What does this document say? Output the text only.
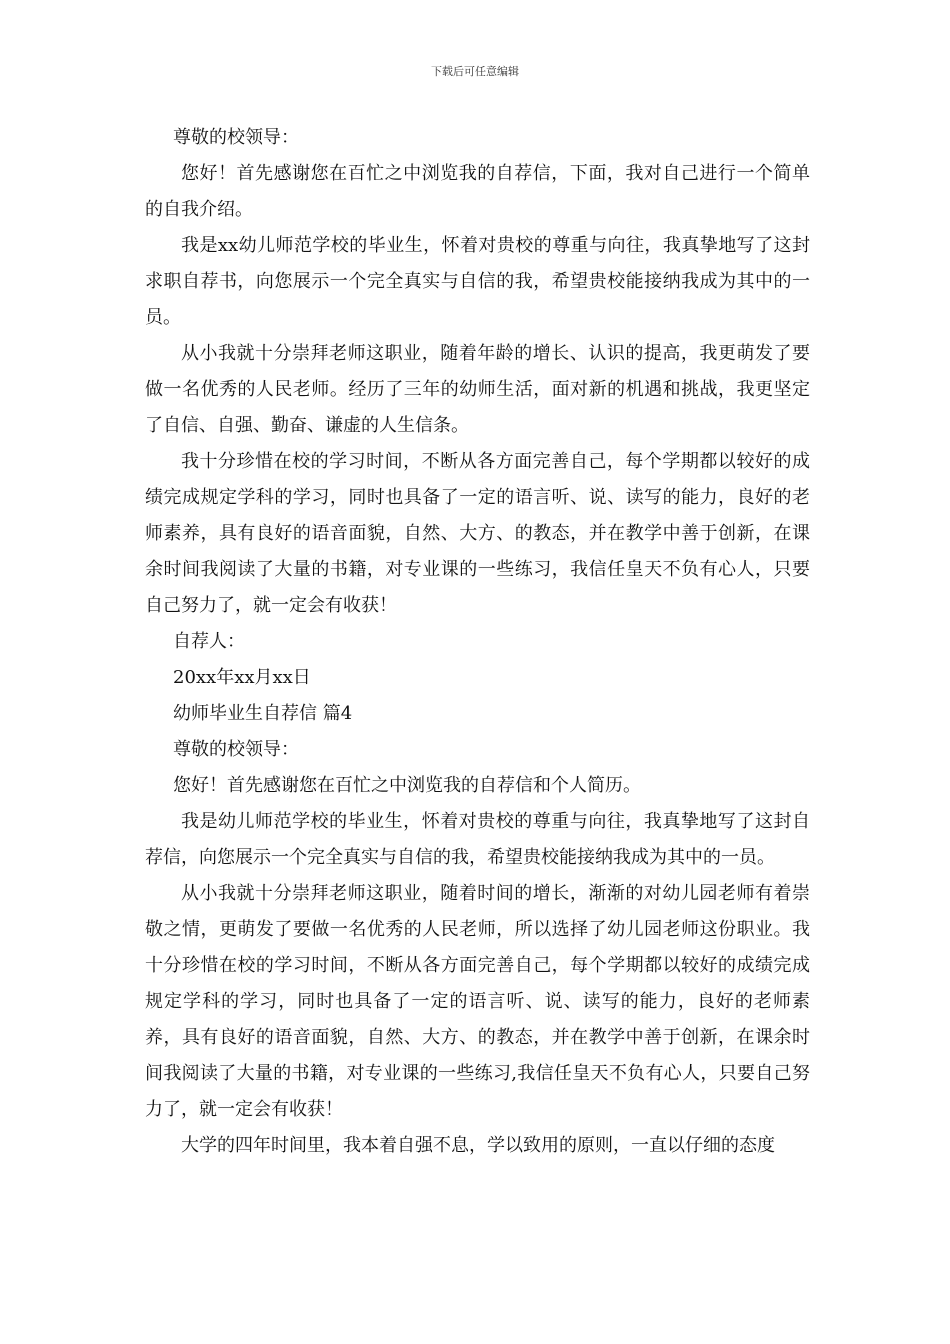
下载后可任意编辑

尊敬的校领导：

您好！首先感谢您在百忙之中浏览我的自荐信，下面，我对自己进行一个简单的自我介绍。

我是xx幼儿师范学校的毕业生，怀着对贵校的尊重与向往，我真挚地写了这封求职自荐书，向您展示一个完全真实与自信的我，希望贵校能接纳我成为其中的一员。

从小我就十分崇拜老师这职业，随着年龄的增长、认识的提高，我更萌发了要做一名优秀的人民老师。经历了三年的幼师生活，面对新的机遇和挑战，我更坚定了自信、自强、勤奋、谦虚的人生信条。

我十分珍惜在校的学习时间，不断从各方面完善自己，每个学期都以较好的成绩完成规定学科的学习，同时也具备了一定的语言听、说、读写的能力，良好的老师素养，具有良好的语音面貌，自然、大方、的教态，并在教学中善于创新，在课余时间我阅读了大量的书籍，对专业课的一些练习，我信任皇天不负有心人，只要自己努力了，就一定会有收获！

自荐人：

20xx年xx月xx日

幼师毕业生自荐信 篇4

尊敬的校领导：

您好！首先感谢您在百忙之中浏览我的自荐信和个人简历。

我是幼儿师范学校的毕业生，怀着对贵校的尊重与向往，我真挚地写了这封自荐信，向您展示一个完全真实与自信的我，希望贵校能接纳我成为其中的一员。

从小我就十分崇拜老师这职业，随着时间的增长，渐渐的对幼儿园老师有着崇敬之情，更萌发了要做一名优秀的人民老师，所以选择了幼儿园老师这份职业。我十分珍惜在校的学习时间，不断从各方面完善自己，每个学期都以较好的成绩完成规定学科的学习，同时也具备了一定的语言听、说、读写的能力，良好的老师素养，具有良好的语音面貌，自然、大方、的教态，并在教学中善于创新，在课余时间我阅读了大量的书籍，对专业课的一些练习,我信任皇天不负有心人，只要自己努力了，就一定会有收获！

大学的四年时间里，我本着自强不息，学以致用的原则，一直以仔细的态度
